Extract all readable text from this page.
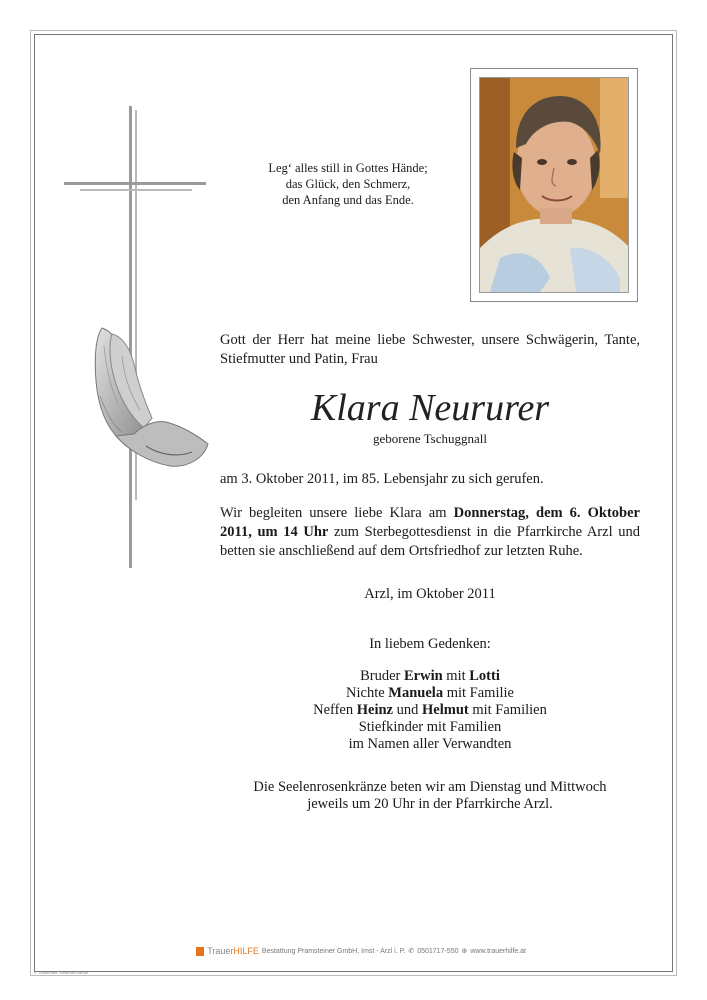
Leg‘ alles still in Gottes Hände;
das Glück, den Schmerz,
den Anfang und das Ende.
Gott der Herr hat meine liebe Schwester, unsere Schwägerin, Tante, Stiefmutter und Patin, Frau
Klara Neururer
geborene Tschuggnall
am 3. Oktober 2011, im 85. Lebensjahr zu sich gerufen.
Wir begleiten unsere liebe Klara am Donnerstag, dem 6. Oktober
2011, um 14 Uhr zum Sterbegottesdienst in die Pfarrkirche Arzl und
betten sie anschließend auf dem Ortsfriedhof zur letzten Ruhe.
Arzl, im Oktober 2011
In liebem Gedenken:
Bruder Erwin mit Lotti
Nichte Manuela mit Familie
Neffen Heinz und Helmut mit Familien
Stiefkinder mit Familien
im Namen aller Verwandten
Die Seelenrosenkränze beten wir am Dienstag und Mittwoch
jeweils um 20 Uhr in der Pfarrkirche Arzl.
TrauerHILFE Bestattung Pramsteiner GmbH, Imst - Arzl i. P. ✆ 0501717-550 ⊕ www.trauerhilfe.at
© TrauerHilfe "Betende Hände"
